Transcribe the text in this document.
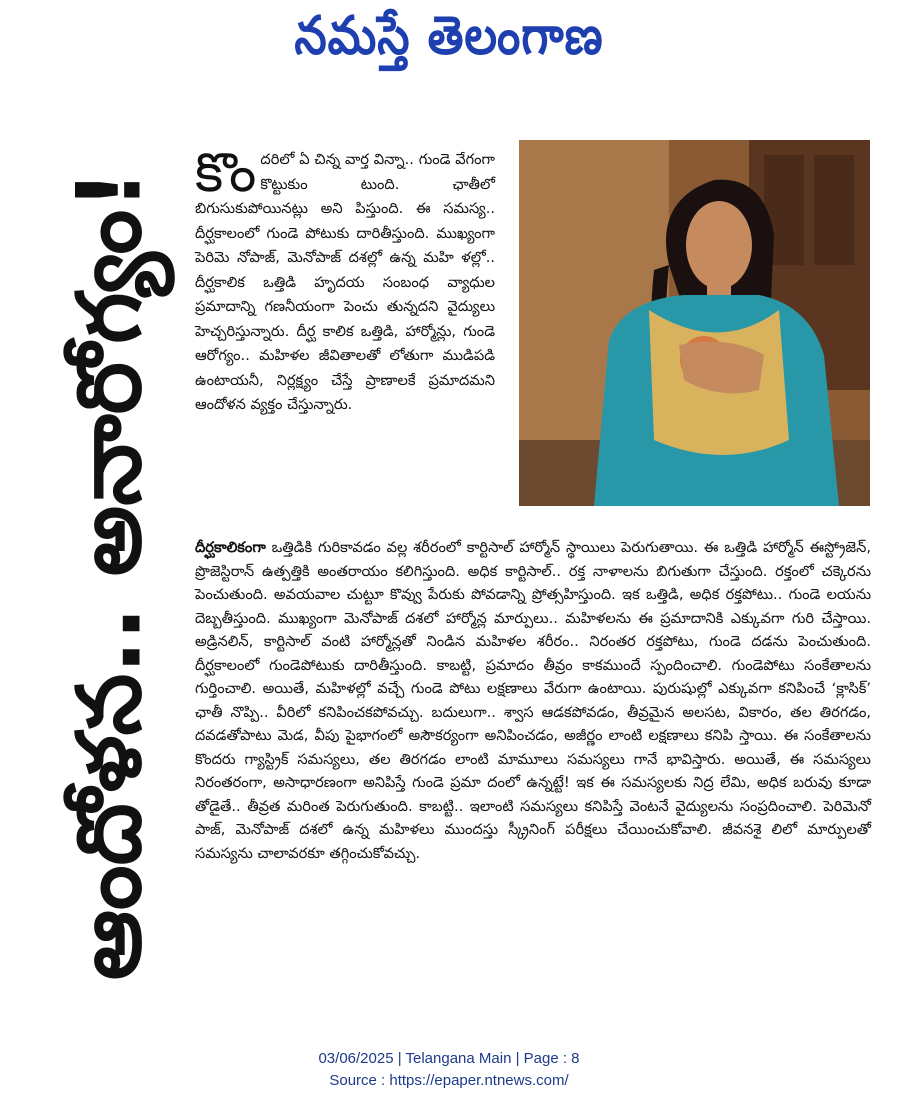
నమస్తే తెలంగాణ
ఆందోళన.. అనారోగ్యం! కొం దరిలో ఏ చిన్న వార్త విన్నా.. గుండె వేగంగా కొట్టుకుం టుంది. ఛాతీలో బిగుసుకుపోయినట్లు అని పిస్తుంది. ఈ సమస్య.. దీర్ఘకాలంలో గుండె పోటుకు దారితీస్తుంది. ముఖ్యంగా పెరిమె నోపాజ్, మెనోపాజ్ దశల్లో ఉన్న మహి ళల్లో.. దీర్ఘకాలిక ఒత్తిడి హృదయ సంబంధ వ్యాధుల ప్రమాదాన్ని గణనీయంగా పెంచు తున్నదని వైద్యులు హెచ్చరిస్తున్నారు. దీర్ఘ కాలిక ఒత్తిడి, హార్మోన్లు, గుండె ఆరోగ్యం.. మహిళల జీవితాలతో లోతుగా ముడిపడి ఉంటాయనీ, నిర్లక్ష్యం చేస్తే ప్రాణాలకే ప్రమాదమని ఆందోళన వ్యక్తం చేస్తున్నారు.
దీర్ఘకాలికంగా ఒత్తిడికి గురికావడం వల్ల శరీరంలో కార్టిసాల్ హార్మోన్ స్థాయిలు పెరుగుతాయి. ఈ ఒత్తిడి హార్మోన్ ఈస్ట్రోజెన్, ప్రొజెస్టిరాన్ ఉత్పత్తికి అంతరాయం కలిగిస్తుంది. అధిక కార్టిసాల్.. రక్త నాళాలను బిగుతుగా చేస్తుంది. రక్తంలో చక్కెరను పెంచుతుంది. అవయవాల చుట్టూ కొవ్వు పేరుకు పోవడాన్ని ప్రోత్సహిస్తుంది. ఇక ఒత్తిడి, అధిక రక్తపోటు.. గుండె లయను దెబ్బతీస్తుంది. ముఖ్యంగా మెనోపాజ్ దశలో హార్మోన్ల మార్పులు.. మహిళలను ఈ ప్రమాదానికి ఎక్కువగా గురి చేస్తాయి. అడ్రినలిన్, కార్టిసాల్ వంటి హార్మోన్లతో నిండిన మహిళల శరీరం.. నిరంతర రక్తపోటు, గుండె దడను పెంచుతుంది. దీర్ఘకాలంలో గుండెపోటుకు దారితీస్తుంది. కాబట్టి, ప్రమాదం తీవ్రం కాకముందే స్పందించాలి. గుండెపోటు సంకేతాలను గుర్తించాలి. అయితే, మహిళల్లో వచ్చే గుండె పోటు లక్షణాలు వేరుగా ఉంటాయి. పురుషుల్లో ఎక్కువగా కనిపించే ‘క్లాసిక్’ ఛాతీ నొప్పి.. వీరిలో కనిపించకపోవచ్చు. బదులుగా.. శ్వాస ఆడకపోవడం, తీవ్రమైన అలసట, వికారం, తల తిరగడం, దవడతోపాటు మెడ, వీపు పైభాగంలో అసౌకర్యంగా అనిపించడం, అజీర్ణం లాంటి లక్షణాలు కనిపి స్తాయి. ఈ సంకేతాలను కొందరు గ్యాస్ట్రిక్ సమస్యలు, తల తిరగడం లాంటి మామూలు సమస్యలు గానే భావిస్తారు. అయితే, ఈ సమస్యలు నిరంతరంగా, అసాధారణంగా అనిపిస్తే గుండె ప్రమా దంలో ఉన్నట్టే! ఇక ఈ సమస్యలకు నిద్ర లేమి, అధిక బరువు కూడా తోడైతే.. తీవ్రత మరింత పెరుగుతుంది. కాబట్టి.. ఇలాంటి సమస్యలు కనిపిస్తే వెంటనే వైద్యులను సంప్రదించాలి. పెరిమెనో పాజ్, మెనోపాజ్ దశలో ఉన్న మహిళలు ముందస్తు స్క్రీనింగ్ పరీక్షలు చేయించుకోవాలి. జీవనశై లిలో మార్పులతో సమస్యను చాలావరకూ తగ్గించుకోవచ్చు.
03/06/2025 | Telangana Main | Page : 8
Source : https://epaper.ntnews.com/
